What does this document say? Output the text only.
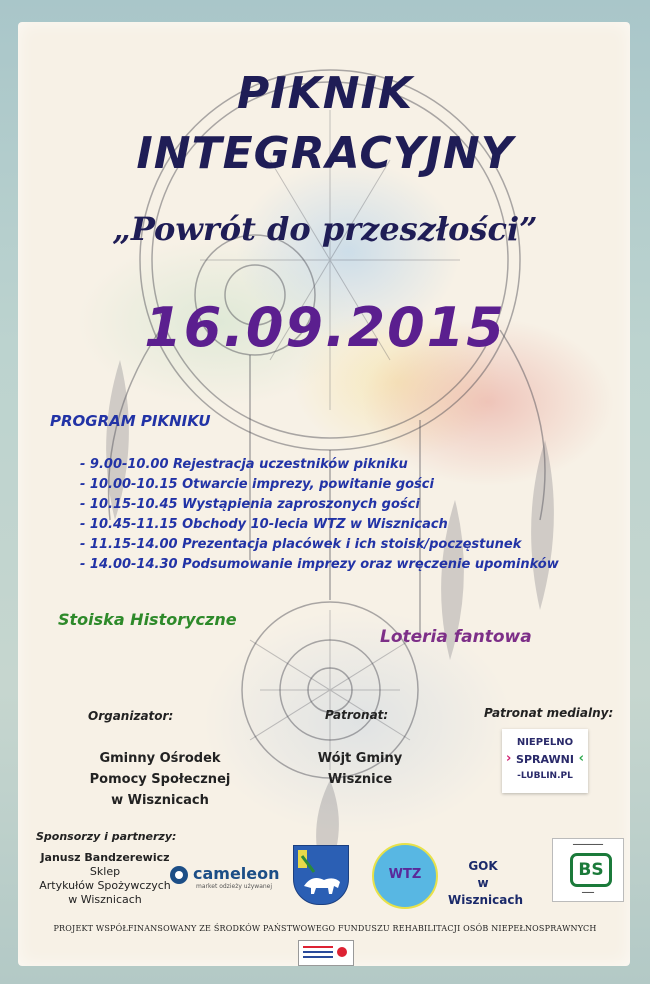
PIKNIK
INTEGRACYJNY
„Powrót do przeszłości”
16.09.2015
PROGRAM PIKNIKU
- 9.00-10.00 Rejestracja uczestników pikniku
- 10.00-10.15 Otwarcie imprezy, powitanie gości
- 10.15-10.45 Wystąpienia zaproszonych gości
- 10.45-11.15 Obchody 10-lecia WTZ w Wisznicach
- 11.15-14.00 Prezentacja placówek i ich stoisk/poczęstunek
- 14.00-14.30 Podsumowanie imprezy oraz wręczenie upominków
Stoiska Historyczne
Loteria fantowa
Organizator:
Gminny Ośrodek
Pomocy Społecznej
w Wisznicach
Patronat:
Wójt Gminy
Wisznice
Patronat medialny:
NIEPELNO
› SPRAWNI ‹
-LUBLIN.PL
Sponsorzy i partnerzy:
Janusz Bandzerewicz
Sklep
Artykułów Spożywczych
w Wisznicach
cameleon
market odzieży używanej
WTZ
GOK
w Wisznicach
━━━━━━━━━━
BS
━━━━
PROJEKT WSPÓŁFINANSOWANY ZE ŚRODKÓW PAŃSTWOWEGO FUNDUSZU REHABILITACJI OSÓB NIEPEŁNOSPRAWNYCH
